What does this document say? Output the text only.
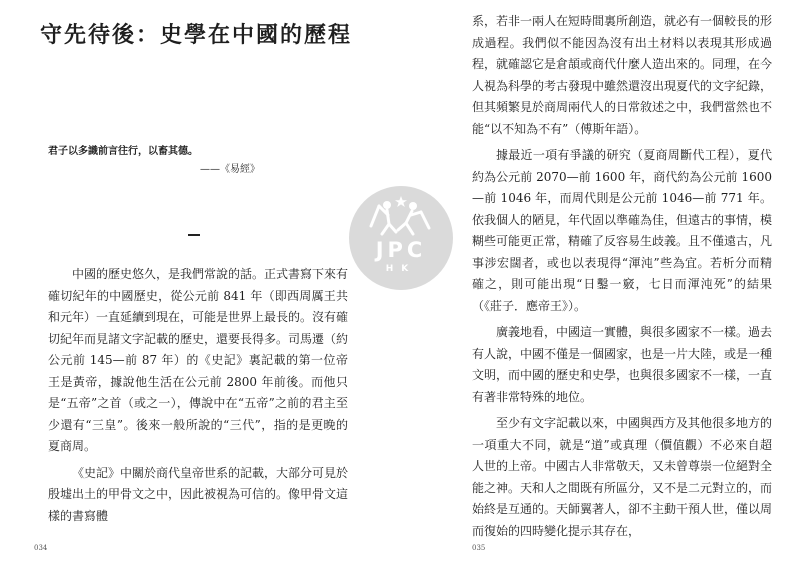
守先待後：史學在中國的歷程
君子以多識前言往行，以畜其德。
——《易經》

中國的歷史悠久，是我們常說的話。正式書寫下來有確切紀年的中國歷史，從公元前 841 年（即西周厲王共和元年）一直延續到現在，可能是世界上最長的。沒有確切紀年而見諸文字記載的歷史，還要長得多。司馬遷（約公元前 145—前 87 年）的《史記》裏記載的第一位帝王是黃帝，據說他生活在公元前 2800 年前後。而他只是“五帝”之首（或之一），傳說中在“五帝”之前的君主至少還有“三皇”。後來一般所說的“三代”，指的是更晚的夏商周。

《史記》中關於商代皇帝世系的記載，大部分可見於殷墟出土的甲骨文之中，因此被視為可信的。像甲骨文這樣的書寫體

034

系，若非一兩人在短時間裏所創造，就必有一個較長的形成過程。我們似不能因為沒有出土材料以表現其形成過程，就確認它是倉頡或商代什麼人造出來的。同理，在今人視為科學的考古發現中雖然還沒出現夏代的文字紀錄，但其頻繁見於商周兩代人的日常敘述之中，我們當然也不能“以不知為不有”（傅斯年語）。

據最近一項有爭議的研究（夏商周斷代工程），夏代約為公元前 2070—前 1600 年，商代約為公元前 1600—前 1046 年，而周代則是公元前 1046—前 771 年。依我個人的陋見，年代固以準確為佳，但遠古的事情，模糊些可能更正常，精確了反容易生歧義。且不僅遠古，凡事涉宏闊者，或也以表現得“渾沌”些為宜。若析分而精確之，則可能出現“日鑿一竅，七日而渾沌死”的結果（《莊子．應帝王》）。

廣義地看，中國這一實體，與很多國家不一樣。過去有人說，中國不僅是一個國家，也是一片大陸，或是一種文明，而中國的歷史和史學，也與很多國家不一樣，一直有著非常特殊的地位。

至少有文字記載以來，中國與西方及其他很多地方的一項重大不同，就是“道”或真理（價值觀）不必來自超人世的上帝。中國古人非常敬天，又未曾尊崇一位絕對全能之神。天和人之間既有所區分，又不是二元對立的，而始終是互通的。天師翼著人，卻不主動干預人世，僅以周而復始的四時變化提示其存在，

035
JPC
HK
